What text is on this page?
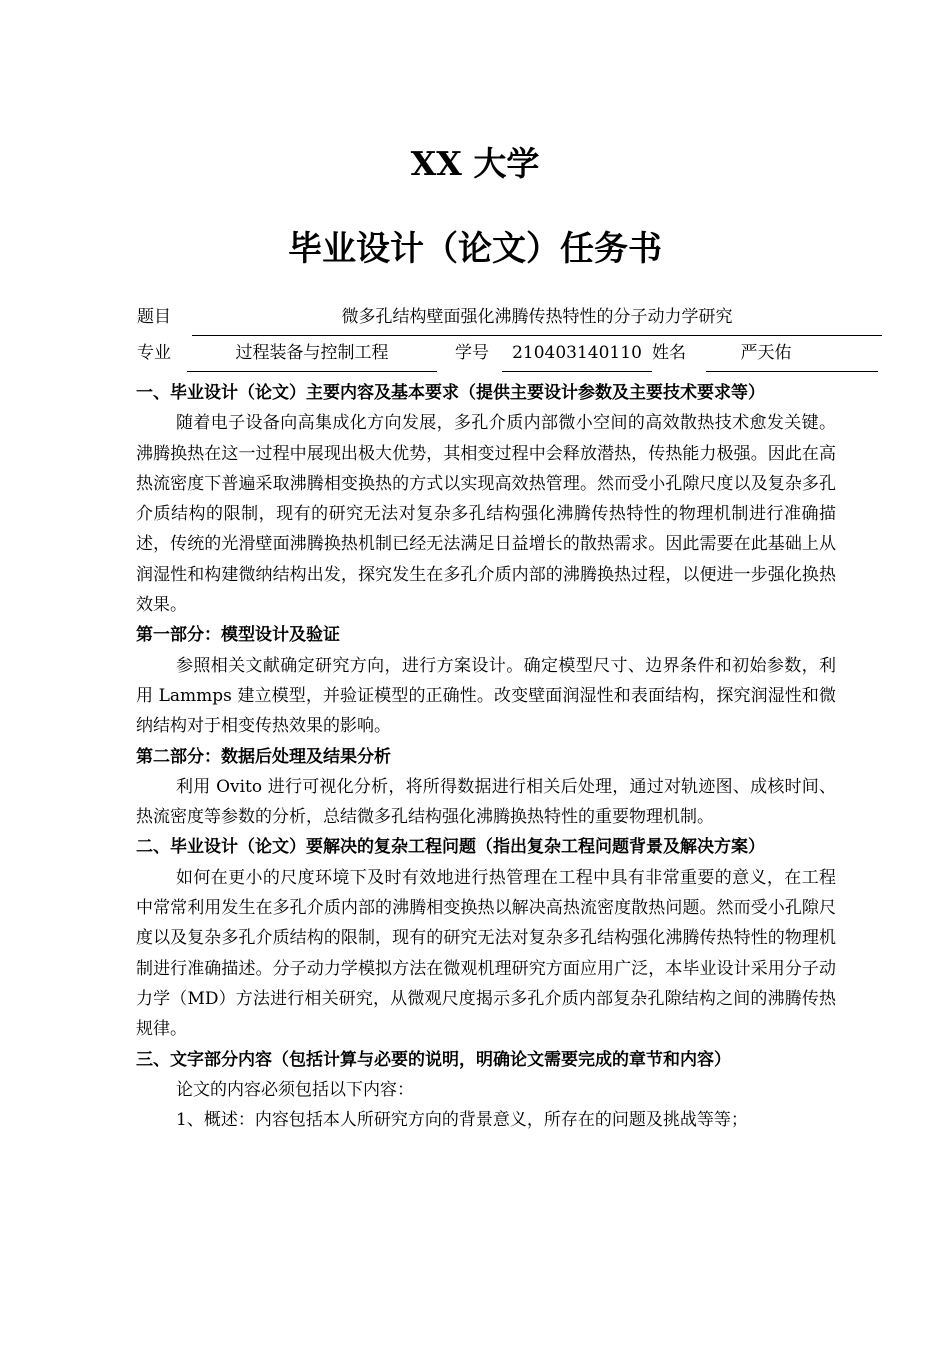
XX 大学
毕业设计（论文）任务书
题目	微多孔结构壁面强化沸腾传热特性的分子动力学研究
专业	过程装备与控制工程	学号	210403140110 姓名	严天佑

一、毕业设计（论文）主要内容及基本要求（提供主要设计参数及主要技术要求等）

随着电子设备向高集成化方向发展，多孔介质内部微小空间的高效散热技术愈发关键。沸腾换热在这一过程中展现出极大优势，其相变过程中会释放潜热，传热能力极强。因此在高热流密度下普遍采取沸腾相变换热的方式以实现高效热管理。然而受小孔隙尺度以及复杂多孔介质结构的限制，现有的研究无法对复杂多孔结构强化沸腾传热特性的物理机制进行准确描述，传统的光滑壁面沸腾换热机制已经无法满足日益增长的散热需求。因此需要在此基础上从润湿性和构建微纳结构出发，探究发生在多孔介质内部的沸腾换热过程，以便进一步强化换热效果。

第一部分：模型设计及验证

参照相关文献确定研究方向，进行方案设计。确定模型尺寸、边界条件和初始参数，利用 Lammps 建立模型，并验证模型的正确性。改变壁面润湿性和表面结构，探究润湿性和微纳结构对于相变传热效果的影响。

第二部分：数据后处理及结果分析

利用 Ovito 进行可视化分析，将所得数据进行相关后处理，通过对轨迹图、成核时间、热流密度等参数的分析，总结微多孔结构强化沸腾换热特性的重要物理机制。

二、毕业设计（论文）要解决的复杂工程问题（指出复杂工程问题背景及解决方案）

如何在更小的尺度环境下及时有效地进行热管理在工程中具有非常重要的意义，在工程中常常利用发生在多孔介质内部的沸腾相变换热以解决高热流密度散热问题。然而受小孔隙尺度以及复杂多孔介质结构的限制，现有的研究无法对复杂多孔结构强化沸腾传热特性的物理机制进行准确描述。分子动力学模拟方法在微观机理研究方面应用广泛，本毕业设计采用分子动力学（MD）方法进行相关研究，从微观尺度揭示多孔介质内部复杂孔隙结构之间的沸腾传热规律。

三、文字部分内容（包括计算与必要的说明，明确论文需要完成的章节和内容）

论文的内容必须包括以下内容：

1、概述：内容包括本人所研究方向的背景意义，所存在的问题及挑战等等；
